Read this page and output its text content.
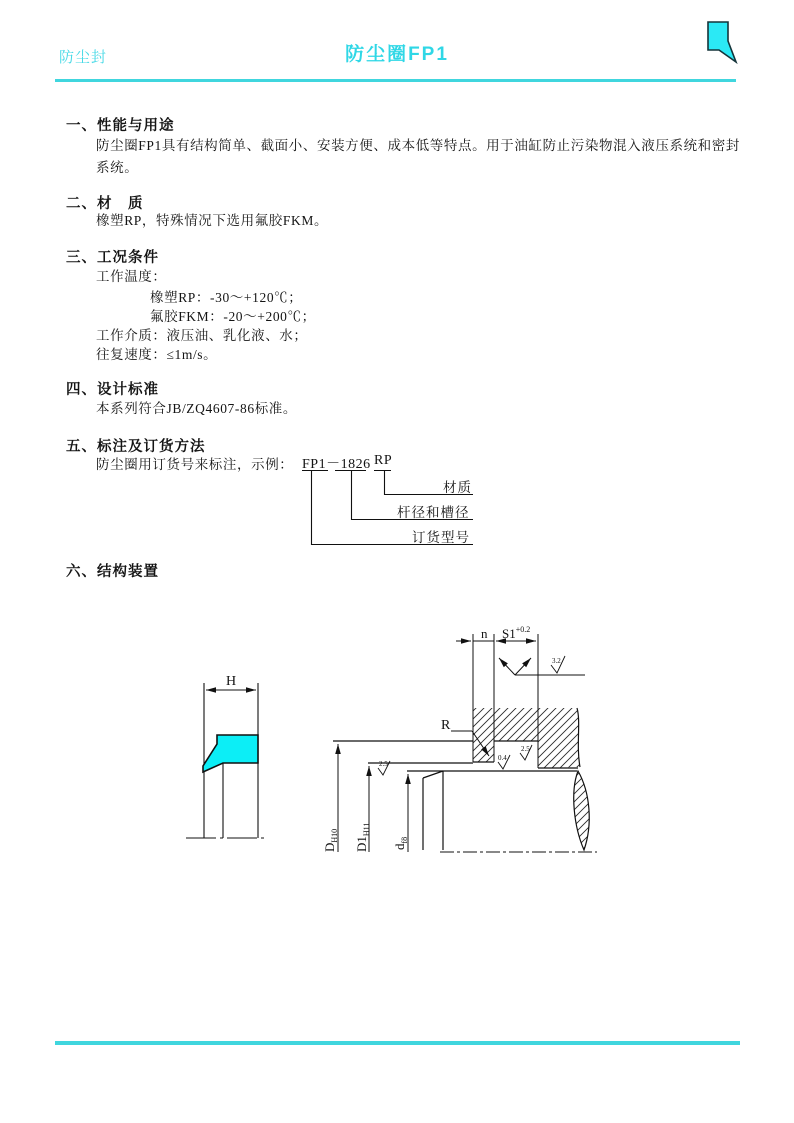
防尘封	防尘圈FP1
一、性能与用途
防尘圈FP1具有结构简单、截面小、安装方便、成本低等特点。用于油缸防止污染物混入液压系统和密封系统。
二、材　质
橡塑RP，特殊情况下选用氟胶FKM。
三、工况条件
工作温度：
橡塑RP：-30～+120℃；
氟胶FKM：-20～+200℃；
工作介质：液压油、乳化液、水；
往复速度：≤1m/s。
四、设计标准
本系列符合JB/ZQ4607-86标准。
五、标注及订货方法
防尘圈用订货号来标注，示例： FP1－1826 RP
材质
杆径和槽径
订货型号
六、结构装置
H
n $S1^{+0.2}$
3.2
0.4
2.5
2.5
R
$D_{H10}$
$D1_{H11}$
$d_{f8}$
